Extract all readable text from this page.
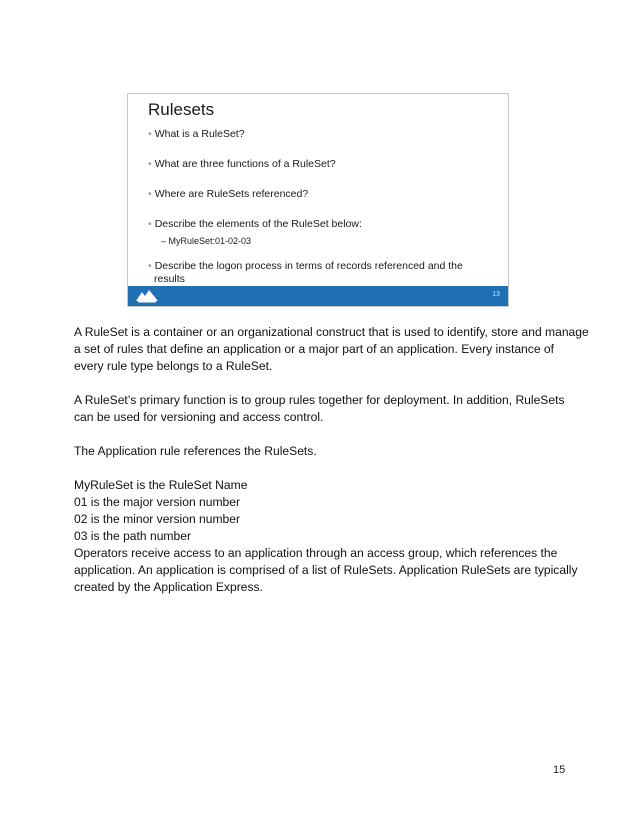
Rulesets
• What is a RuleSet?
• What are three functions of a RuleSet?
• Where are RuleSets referenced?
• Describe the elements of the RuleSet below:
– MyRuleSet:01-02-03
• Describe the logon process in terms of records referenced and the
results
13
A RuleSet is a container or an organizational construct that is used to identify, store and manage
a set of rules that define an application or a major part of an application. Every instance of
every rule type belongs to a RuleSet.
A RuleSet’s primary function is to group rules together for deployment. In addition, RuleSets
can be used for versioning and access control.
The Application rule references the RuleSets.
MyRuleSet is the RuleSet Name
01 is the major version number
02 is the minor version number
03 is the path number
Operators receive access to an application through an access group, which references the
application. An application is comprised of a list of RuleSets. Application RuleSets are typically
created by the Application Express.
15
